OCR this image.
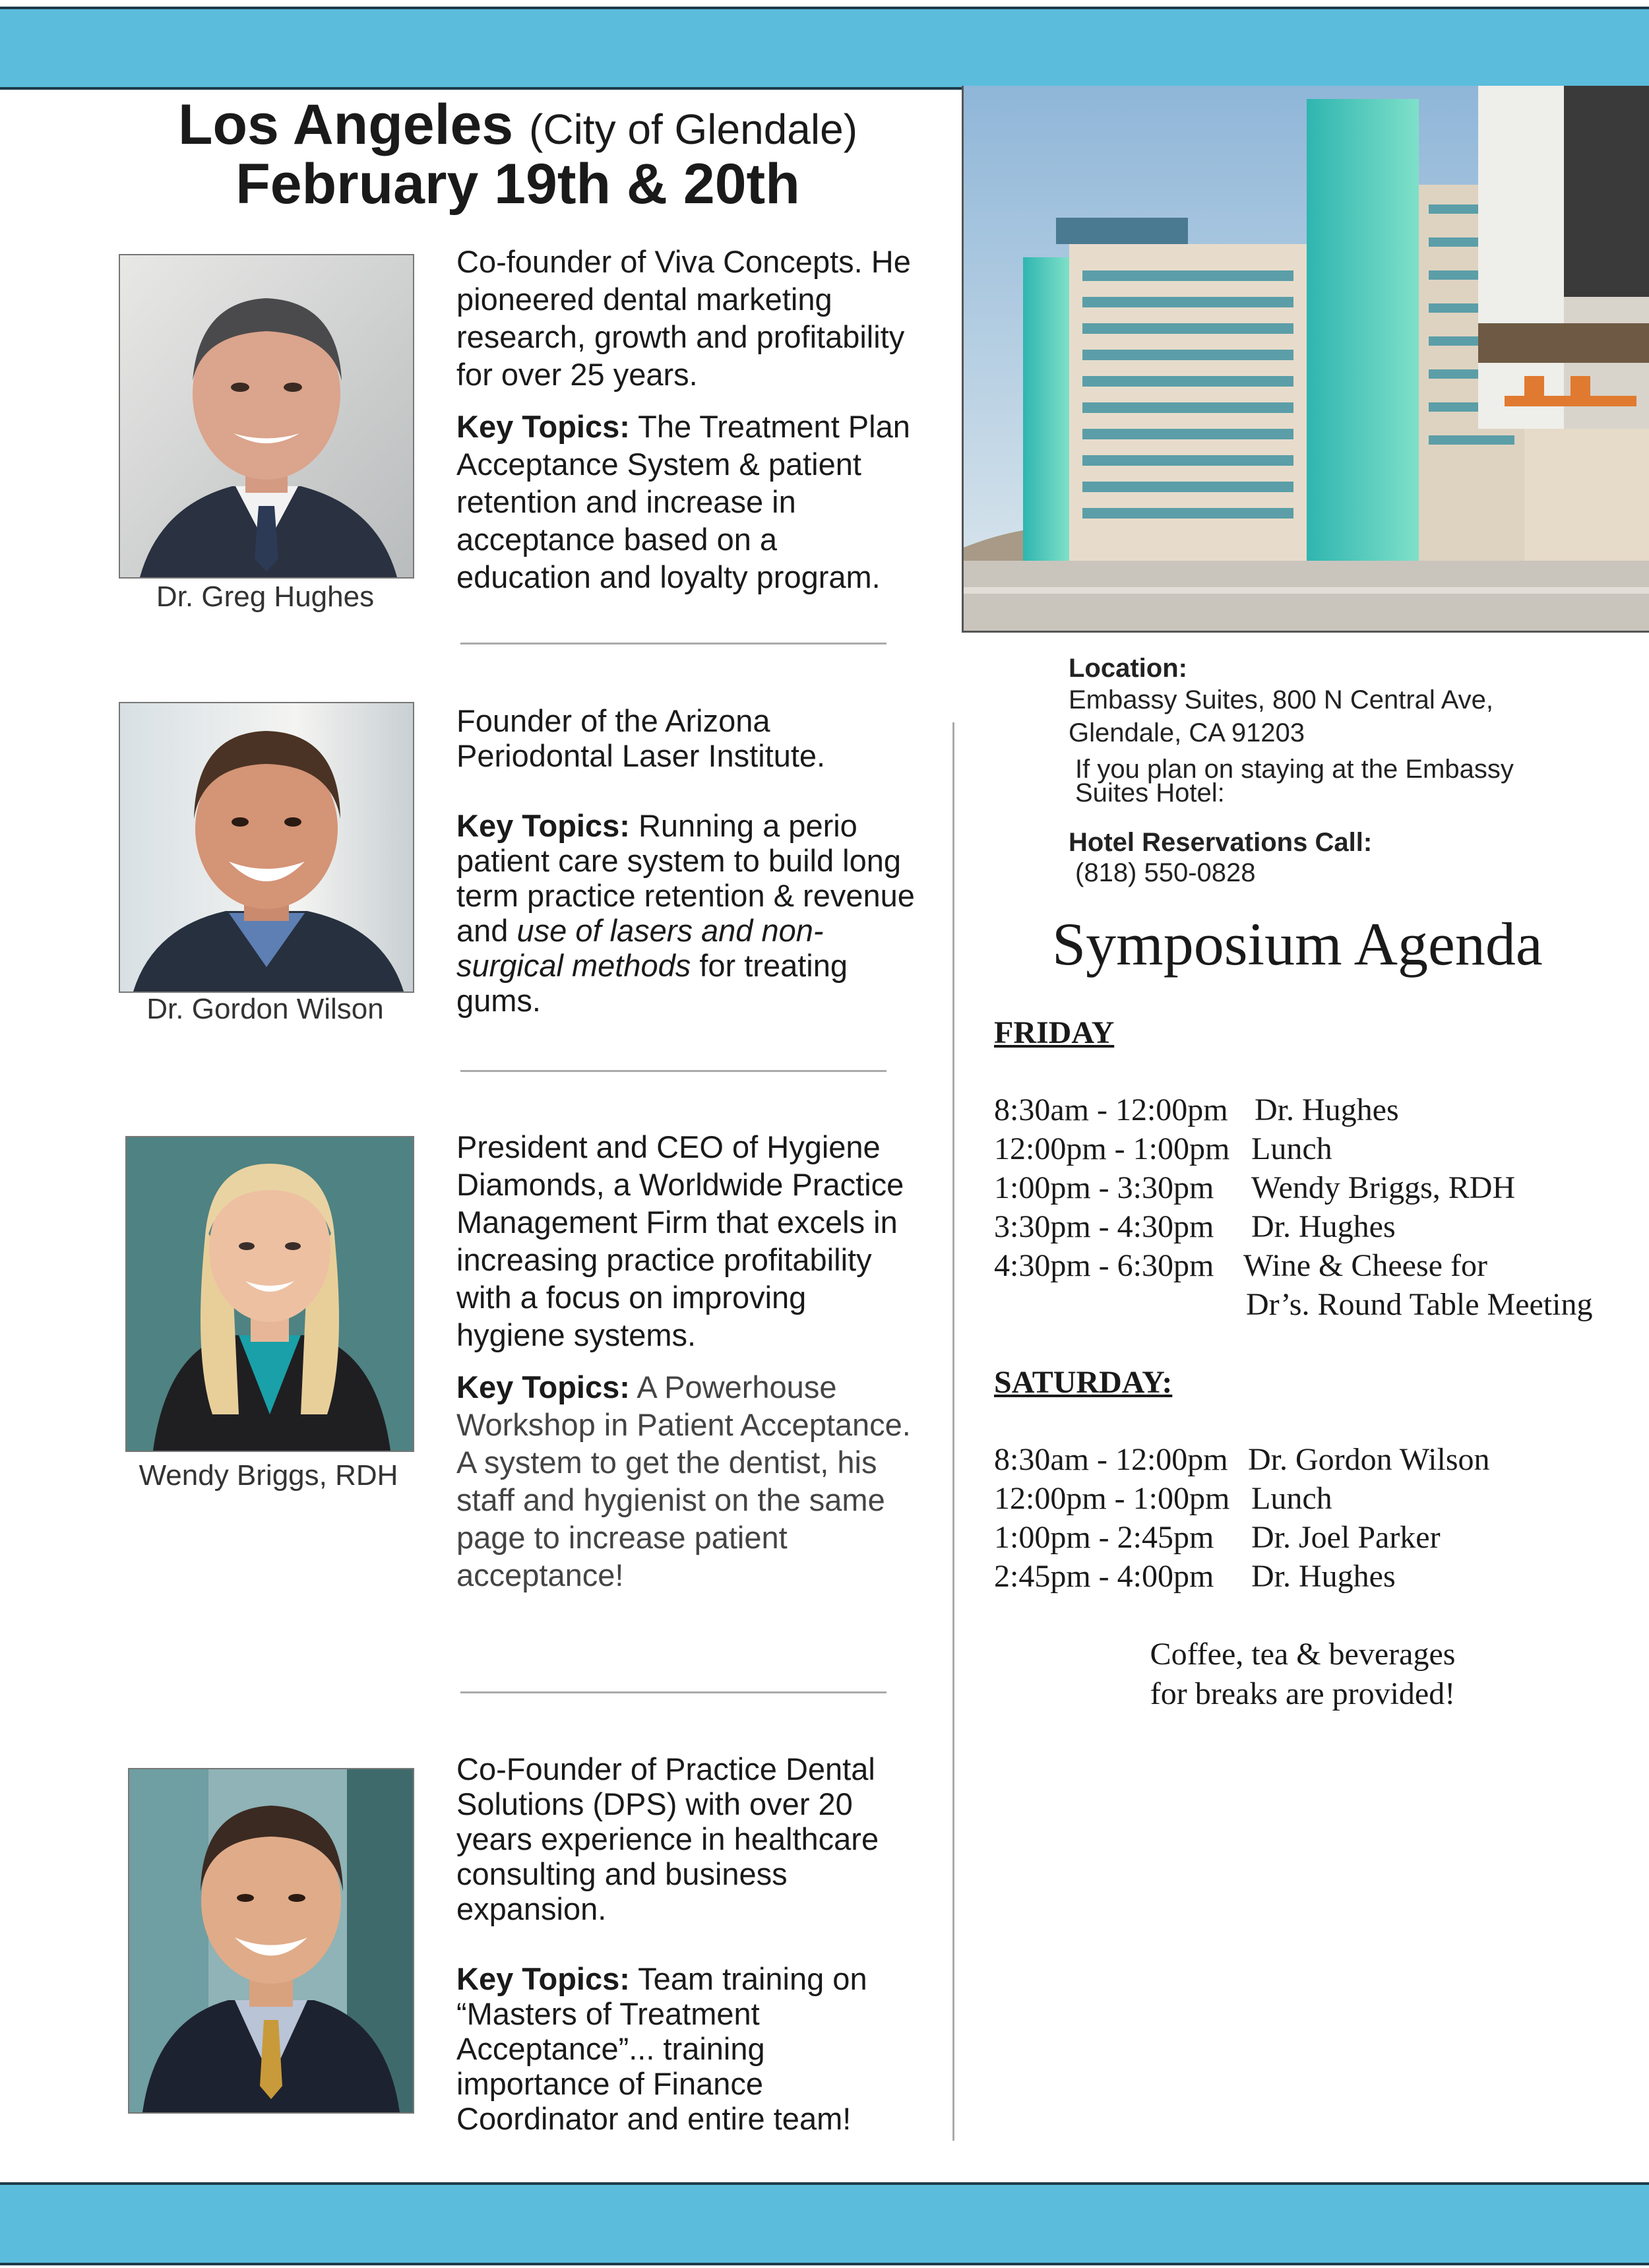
Los Angeles (City of Glendale)
February 19th & 20th
Dr. Greg Hughes

Co-founder of Viva Concepts. He pioneered dental marketing research, growth and profitability for over 25 years.

Key Topics: The Treatment Plan Acceptance System & patient retention and increase in acceptance based on a education and loyalty program.

Dr. Gordon Wilson

Founder of the Arizona Periodontal Laser Institute.

Key Topics: Running a perio patient care system to build long term practice retention & revenue and use of lasers and non-surgical methods for treating gums.

Wendy Briggs, RDH

President and CEO of Hygiene Diamonds, a Worldwide Practice Management Firm that excels in increasing practice profitability with a focus on improving hygiene systems.

Key Topics: A Powerhouse Workshop in Patient Acceptance. A system to get the dentist, his staff and hygienist on the same page to increase patient acceptance!

Co-Founder of Practice Dental Solutions (DPS) with over 20 years experience in healthcare consulting and business expansion.

Key Topics: Team training on “Masters of Treatment Acceptance”... training importance of Finance Coordinator and entire team!

Location:
Embassy Suites, 800 N Central Ave,
Glendale, CA 91203
If you plan on staying at the Embassy Suites Hotel:
Hotel Reservations Call:
(818) 550-0828
Symposium Agenda
FRIDAY
8:30am - 12:00pm Dr. Hughes
12:00pm - 1:00pm Lunch
1:00pm - 3:30pm Wendy Briggs, RDH
3:30pm - 4:30pm Dr. Hughes
4:30pm - 6:30pm Wine & Cheese for
Dr’s. Round Table Meeting
SATURDAY:
8:30am - 12:00pm Dr. Gordon Wilson
12:00pm - 1:00pm Lunch
1:00pm - 2:45pm Dr. Joel Parker
2:45pm - 4:00pm Dr. Hughes
Coffee, tea & beverages
for breaks are provided!
